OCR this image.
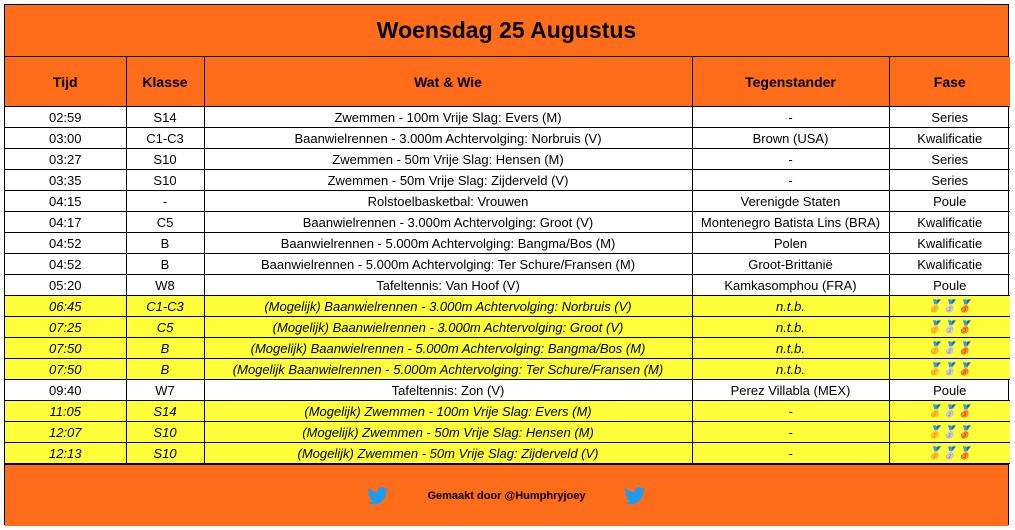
Woensdag 25 Augustus
Tijd	Klasse	Wat & Wie	Tegenstander	Fase
02:59	S14	Zwemmen - 100m Vrije Slag: Evers (M)	-	Series
03:00	C1-C3	Baanwielrennen - 3.000m Achtervolging: Norbruis (V)	Brown (USA)	Kwalificatie
03:27	S10	Zwemmen - 50m Vrije Slag: Hensen (M)	-	Series
03:35	S10	Zwemmen - 50m Vrije Slag: Zijderveld (V)	-	Series
04:15	-	Rolstoelbasketbal: Vrouwen	Verenigde Staten	Poule
04:17	C5	Baanwielrennen - 3.000m Achtervolging: Groot (V)	Montenegro Batista Lins (BRA)	Kwalificatie
04:52	B	Baanwielrennen - 5.000m Achtervolging: Bangma/Bos (M)	Polen	Kwalificatie
04:52	B	Baanwielrennen - 5.000m Achtervolging: Ter Schure/Fransen (M)	Groot-Brittanië	Kwalificatie
05:20	W8	Tafeltennis: Van Hoof (V)	Kamkasomphou (FRA)	Poule
06:45	C1-C3	(Mogelijk) Baanwielrennen - 3.000m Achtervolging: Norbruis (V)	n.t.b.	🥇🥈🥉
07:25	C5	(Mogelijk) Baanwielrennen - 3.000m Achtervolging: Groot (V)	n.t.b.	🥇🥈🥉
07:50	B	(Mogelijk) Baanwielrennen - 5.000m Achtervolging: Bangma/Bos (M)	n.t.b.	🥇🥈🥉
07:50	B	(Mogelijk Baanwielrennen - 5.000m Achtervolging: Ter Schure/Fransen (M)	n.t.b.	🥇🥈🥉
09:40	W7	Tafeltennis: Zon (V)	Perez Villabla (MEX)	Poule
11:05	S14	(Mogelijk) Zwemmen - 100m Vrije Slag: Evers (M)	-	🥇🥈🥉
12:07	S10	(Mogelijk) Zwemmen - 50m Vrije Slag: Hensen (M)	-	🥇🥈🥉
12:13	S10	(Mogelijk) Zwemmen - 50m Vrije Slag: Zijderveld (V)	-	🥇🥈🥉
Gemaakt door @Humphryjoey
